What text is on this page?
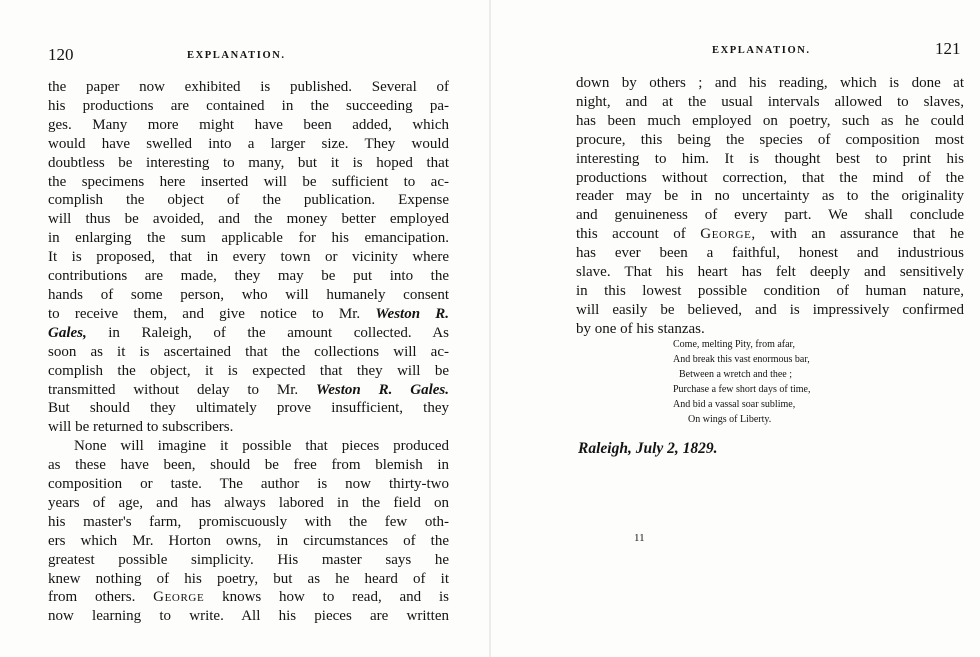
120	EXPLANATION.
the paper now exhibited is published. Several of
his productions are contained in the succeeding pa-
ges. Many more might have been added, which
would have swelled into a larger size. They would
doubtless be interesting to many, but it is hoped that
the specimens here inserted will be sufficient to ac-
complish the object of the publication. Expense
will thus be avoided, and the money better employed
in enlarging the sum applicable for his emancipation.
It is proposed, that in every town or vicinity where
contributions are made, they may be put into the
hands of some person, who will humanely consent
to receive them, and give notice to Mr. Weston R.
Gales, in Raleigh, of the amount collected. As
soon as it is ascertained that the collections will ac-
complish the object, it is expected that they will be
transmitted without delay to Mr. Weston R. Gales.
But should they ultimately prove insufficient, they
will be returned to subscribers.
None will imagine it possible that pieces produced
as these have been, should be free from blemish in
composition or taste. The author is now thirty-two
years of age, and has always labored in the field on
his master's farm, promiscuously with the few oth-
ers which Mr. Horton owns, in circumstances of the
greatest possible simplicity. His master says he
knew nothing of his poetry, but as he heard of it
from others. George knows how to read, and is
now learning to write. All his pieces are written
EXPLANATION.	121
down by others ; and his reading, which is done at
night, and at the usual intervals allowed to slaves,
has been much employed on poetry, such as he could
procure, this being the species of composition most
interesting to him. It is thought best to print his
productions without correction, that the mind of the
reader may be in no uncertainty as to the originality
and genuineness of every part. We shall conclude
this account of George, with an assurance that he
has ever been a faithful, honest and industrious
slave. That his heart has felt deeply and sensitively
in this lowest possible condition of human nature,
will easily be believed, and is impressively confirmed
by one of his stanzas.
Come, melting Pity, from afar,
And break this vast enormous bar,
Between a wretch and thee ;
Purchase a few short days of time,
And bid a vassal soar sublime,
On wings of Liberty.
Raleigh, July 2, 1829.
11
